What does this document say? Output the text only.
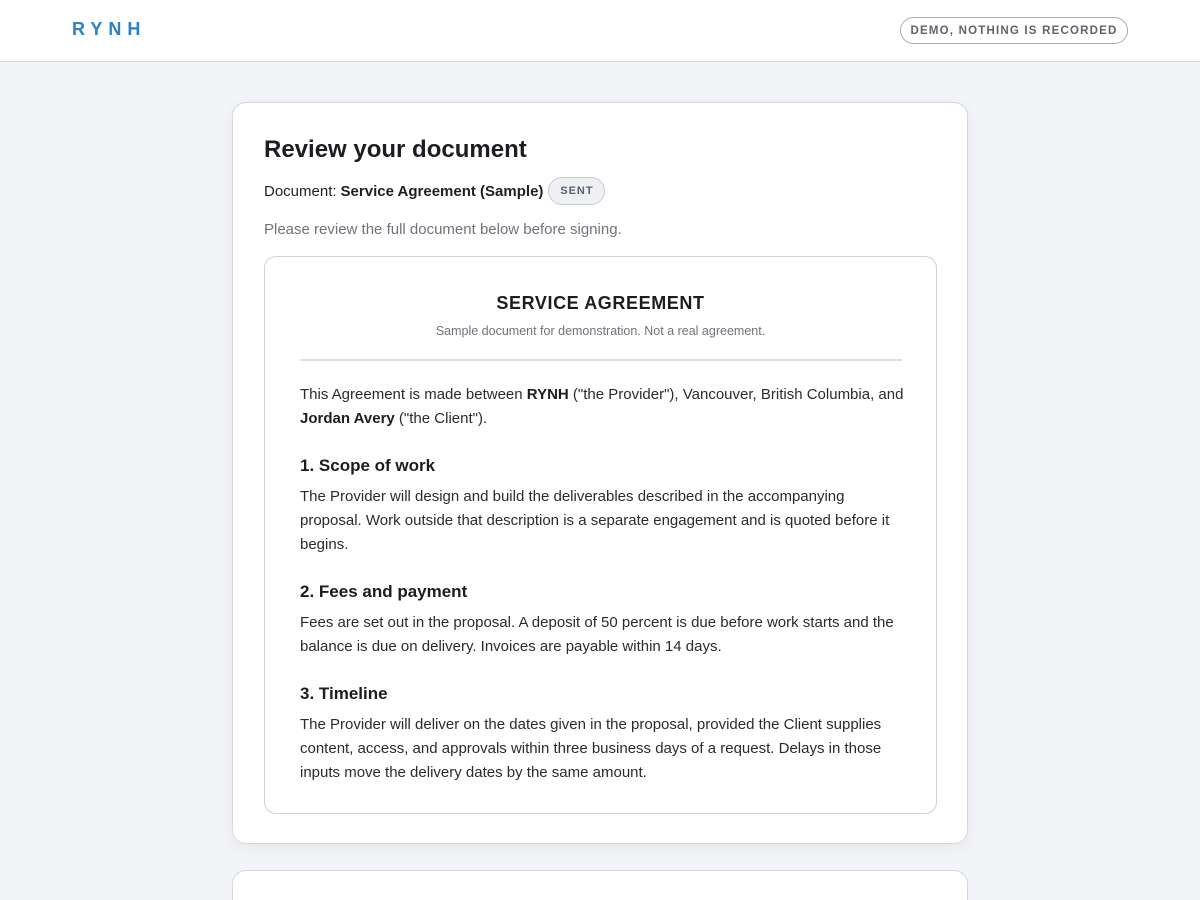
RYNH	DEMO, NOTHING IS RECORDED
Review your document
Document: Service Agreement (Sample)	SENT

Please review the full document below before signing.

SERVICE AGREEMENT
Sample document for demonstration. Not a real agreement.

This Agreement is made between RYNH ("the Provider"), Vancouver, British Columbia, and Jordan Avery ("the Client").

1. Scope of work

The Provider will design and build the deliverables described in the accompanying proposal. Work outside that description is a separate engagement and is quoted before it begins.

2. Fees and payment

Fees are set out in the proposal. A deposit of 50 percent is due before work starts and the balance is due on delivery. Invoices are payable within 14 days.

3. Timeline

The Provider will deliver on the dates given in the proposal, provided the Client supplies content, access, and approvals within three business days of a request. Delays in those inputs move the delivery dates by the same amount.
